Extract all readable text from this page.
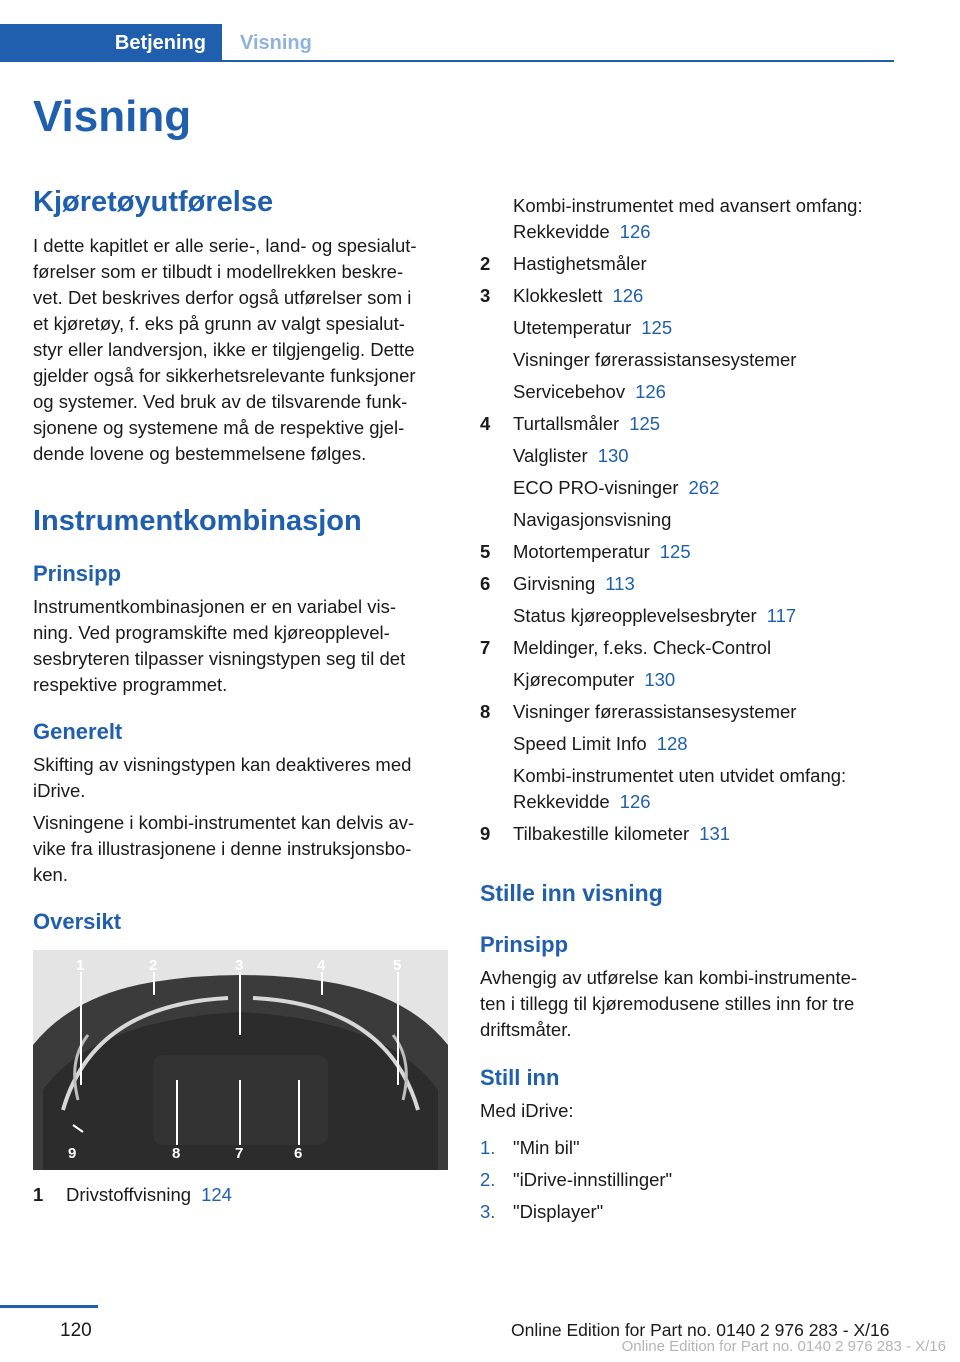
Betjening	Visning
Visning
Kjøretøyutførelse

I dette kapitlet er alle serie-, land- og spesialut-

førelser som er tilbudt i modellrekken beskre-

vet. Det beskrives derfor også utførelser som i

et kjøretøy, f. eks på grunn av valgt spesialut-

styr eller landversjon, ikke er tilgjengelig. Dette

gjelder også for sikkerhetsrelevante funksjoner

og systemer. Ved bruk av de tilsvarende funk-

sjonene og systemene må de respektive gjel-

dende lovene og bestemmelsene følges.

Instrumentkombinasjon
Prinsipp

Instrumentkombinasjonen er en variabel vis-

ning. Ved programskifte med kjøreopplevel-

sesbryteren tilpasser visningstypen seg til det

respektive programmet.

Generelt

Skifting av visningstypen kan deaktiveres med

iDrive.

Visningene i kombi-instrumentet kan delvis av-

vike fra illustrasjonene i denne instruksjonsbo-

ken.

Oversikt
1	2	3	4	5
9	8	7	6
1 Drivstoffvisning 124
Kombi-instrumentet med avansert omfang:
Rekkevidde 126
2 Hastighetsmåler
3 Klokkeslett 126
Utetemperatur 125
Visninger førerassistansesystemer
Servicebehov 126
4 Turtallsmåler 125
Valglister 130
ECO PRO-visninger 262
Navigasjonsvisning
5 Motortemperatur 125
6 Girvisning 113
Status kjøreopplevelsesbryter 117
7 Meldinger, f.eks. Check-Control
Kjørecomputer 130
8 Visninger førerassistansesystemer
Speed Limit Info 128
Kombi-instrumentet uten utvidet omfang:
Rekkevidde 126
9 Tilbakestille kilometer 131
Stille inn visning
Prinsipp

Avhengig av utførelse kan kombi-instrumente-

ten i tillegg til kjøremodusene stilles inn for tre

driftsmåter.

Still inn

Med iDrive:

1. "Min bil"
2. "iDrive-innstillinger"
3. "Displayer"
120	Online Edition for Part no. 0140 2 976 283 - X/16
Online Edition for Part no. 0140 2 976 283 - X/16
